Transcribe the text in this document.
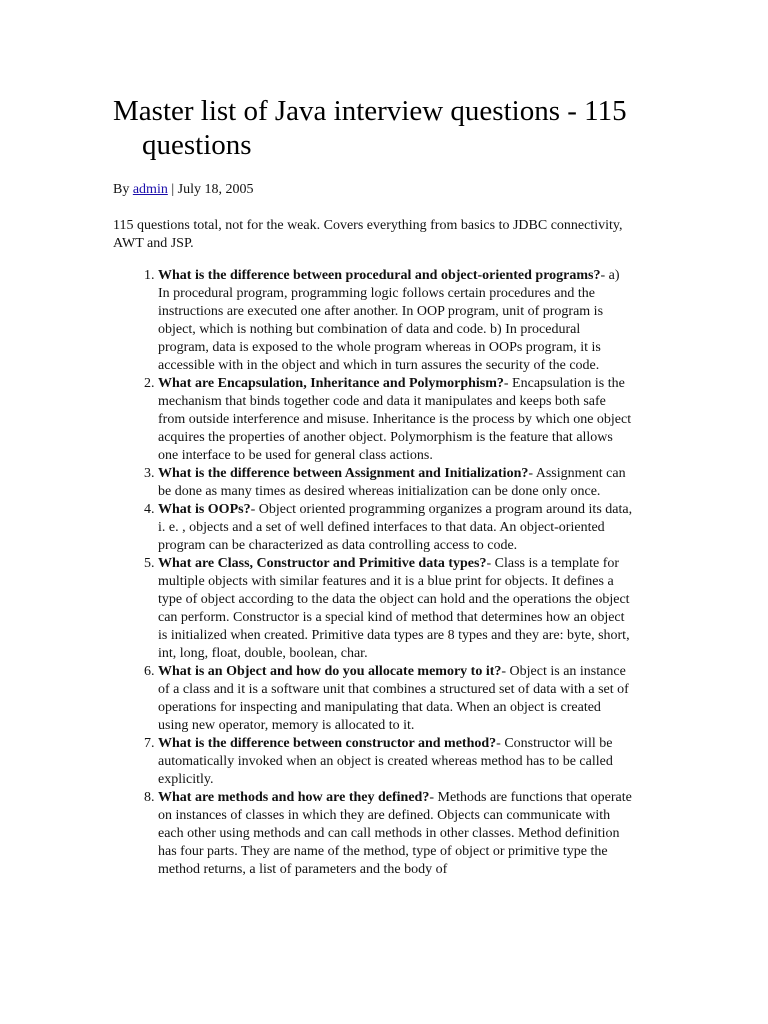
Master list of Java interview questions - 115 questions
By admin | July 18, 2005

115 questions total, not for the weak. Covers everything from basics to JDBC connectivity, AWT and JSP.

1. What is the difference between procedural and object-oriented programs?- a) In procedural program, programming logic follows certain procedures and the instructions are executed one after another. In OOP program, unit of program is object, which is nothing but combination of data and code. b) In procedural program, data is exposed to the whole program whereas in OOPs program, it is accessible with in the object and which in turn assures the security of the code.
2. What are Encapsulation, Inheritance and Polymorphism?- Encapsulation is the mechanism that binds together code and data it manipulates and keeps both safe from outside interference and misuse. Inheritance is the process by which one object acquires the properties of another object. Polymorphism is the feature that allows one interface to be used for general class actions.
3. What is the difference between Assignment and Initialization?- Assignment can be done as many times as desired whereas initialization can be done only once.
4. What is OOPs?- Object oriented programming organizes a program around its data, i. e. , objects and a set of well defined interfaces to that data. An object-oriented program can be characterized as data controlling access to code.
5. What are Class, Constructor and Primitive data types?- Class is a template for multiple objects with similar features and it is a blue print for objects. It defines a type of object according to the data the object can hold and the operations the object can perform. Constructor is a special kind of method that determines how an object is initialized when created. Primitive data types are 8 types and they are: byte, short, int, long, float, double, boolean, char.
6. What is an Object and how do you allocate memory to it?- Object is an instance of a class and it is a software unit that combines a structured set of data with a set of operations for inspecting and manipulating that data. When an object is created using new operator, memory is allocated to it.
7. What is the difference between constructor and method?- Constructor will be automatically invoked when an object is created whereas method has to be called explicitly.
8. What are methods and how are they defined?- Methods are functions that operate on instances of classes in which they are defined. Objects can communicate with each other using methods and can call methods in other classes. Method definition has four parts. They are name of the method, type of object or primitive type the method returns, a list of parameters and the body of
